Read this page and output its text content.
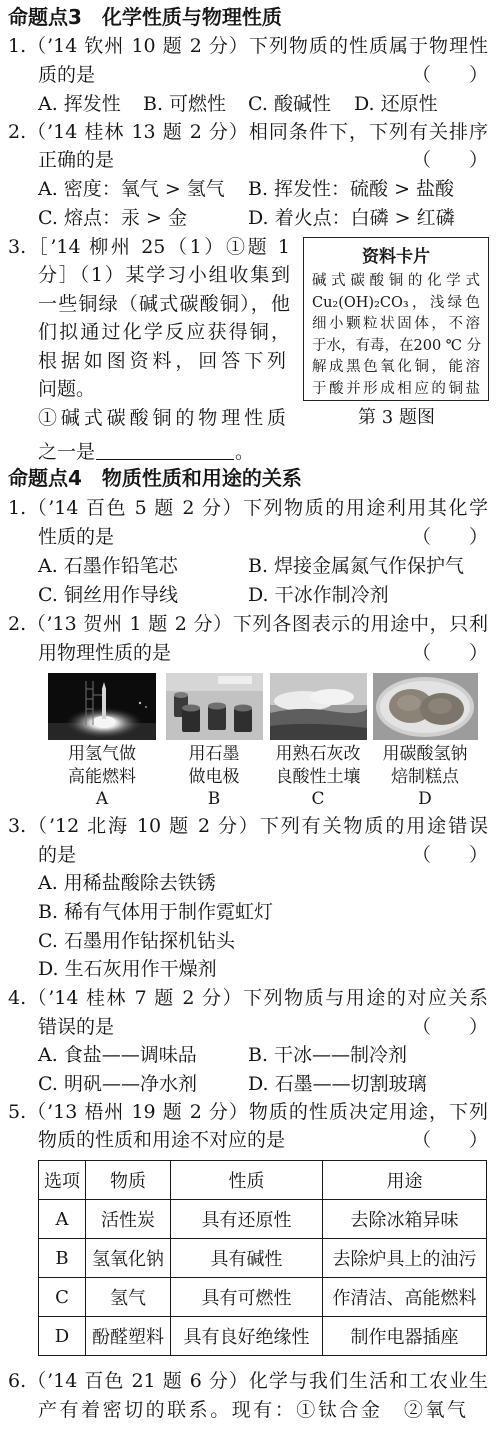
命题点3　化学性质与物理性质
1.（’14 钦州 10 题 2 分）下列物质的性质属于物理性
质的是	（　　）
A. 挥发性 B. 可燃性 C. 酸碱性 D. 还原性
2.（’14 桂林 13 题 2 分）相同条件下，下列有关排序
正确的是	（　　）
A. 密度：氧气 > 氢气 B. 挥发性：硫酸 > 盐酸
C. 熔点：汞 > 金	D. 着火点：白磷 > 红磷
3.［’14 柳州 25（1）①题 1
分］（1）某学习小组收集到
一些铜绿（碱式碳酸铜），他
们拟通过化学反应获得铜，
根据如图资料，回答下列
问题。
①碱式碳酸铜的物理性质
之一是	。
资料卡片
碱式碳酸铜的化学式
Cu₂(OH)₂CO₃，浅绿色
细小颗粒状固体，不溶
于水，有毒，在200 ℃ 分
解成黑色氧化铜，能溶
于酸并形成相应的铜盐
第 3 题图
命题点4　物质性质和用途的关系
1.（’14 百色 5 题 2 分）下列物质的用途利用其化学
性质的是	（　　）
A. 石墨作铅笔芯	B. 焊接金属氮气作保护气
C. 铜丝用作导线	D. 干冰作制冷剂
2.（’13 贺州 1 题 2 分）下列各图表示的用途中，只利
用物理性质的是	（　　）
用氢气做
高能燃料
A
用石墨
做电极
B
用熟石灰改
良酸性土壤
C
用碳酸氢钠
焙制糕点
D
3.（’12 北海 10 题 2 分）下列有关物质的用途错误
的是	（　　）
A. 用稀盐酸除去铁锈
B. 稀有气体用于制作霓虹灯
C. 石墨用作钻探机钻头
D. 生石灰用作干燥剂
4.（’14 桂林 7 题 2 分）下列物质与用途的对应关系
错误的是	（　　）
A. 食盐——调味品	B. 干冰——制冷剂
C. 明矾——净水剂	D. 石墨——切割玻璃
5.（’13 梧州 19 题 2 分）物质的性质决定用途，下列
物质的性质和用途不对应的是	（　　）
选项	物质	性质	用途
A	活性炭	具有还原性	去除冰箱异味
B	氢氧化钠	具有碱性	去除炉具上的油污
C	氢气	具有可燃性	作清洁、高能燃料
D	酚醛塑料	具有良好绝缘性	制作电器插座
6.（’14 百色 21 题 6 分）化学与我们生活和工农业生
产有着密切的联系。现有：①钛合金　②氧气
